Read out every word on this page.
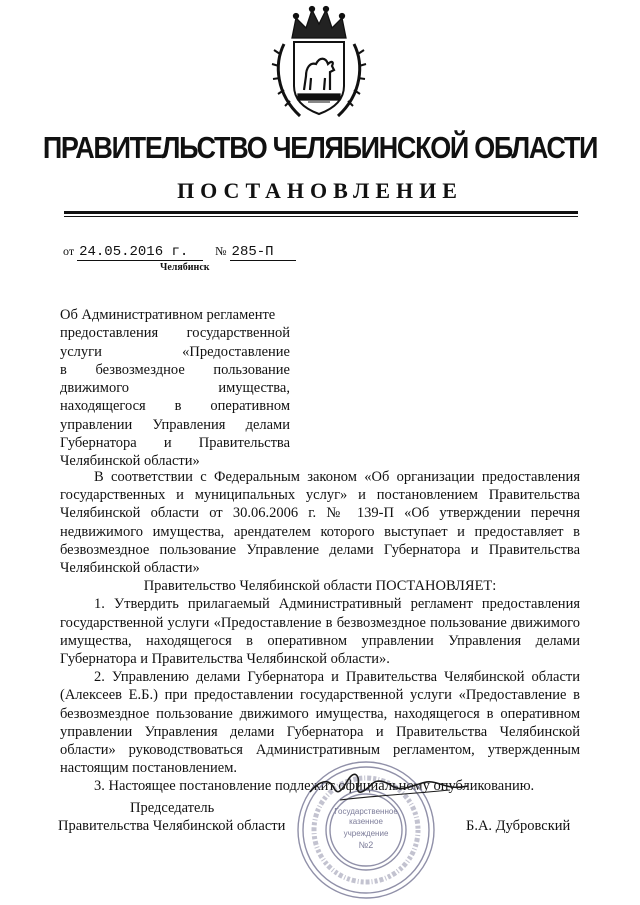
ПРАВИТЕЛЬСТВО ЧЕЛЯБИНСКОЙ ОБЛАСТИ
ПОСТАНОВЛЕНИЕ
от 24.05.2016 г. № 285-П
Челябинск
Об Административном регламенте
предоставления государственной
услуги «Предоставление
в безвозмездное пользование
движимого имущества,
находящегося в оперативном
управлении Управления делами
Губернатора и Правительства
Челябинской области»

В соответствии с Федеральным законом «Об организации предоставления государственных и муниципальных услуг» и постановлением Правительства Челябинской области от 30.06.2006 г. № 139-П «Об утверждении перечня недвижимого имущества, арендателем которого выступает и предоставляет в безвозмездное пользование Управление делами Губернатора и Правительства Челябинской области»

Правительство Челябинской области ПОСТАНОВЛЯЕТ:

1. Утвердить прилагаемый Административный регламент предоставления государственной услуги «Предоставление в безвозмездное пользование движимого имущества, находящегося в оперативном управлении Управления делами Губернатора и Правительства Челябинской области».

2. Управлению делами Губернатора и Правительства Челябинской области (Алексеев Е.Б.) при предоставлении государственной услуги «Предоставление в безвозмездное пользование движимого имущества, находящегося в оперативном управлении Управления делами Губернатора и Правительства Челябинской области» руководствоваться Административным регламентом, утвержденным настоящим постановлением.

3. Настоящее постановление подлежит официальному опубликованию.

Председатель
Правительства Челябинской области	Б.А. Дубровский
Государственное
казенное
учреждение
№2
